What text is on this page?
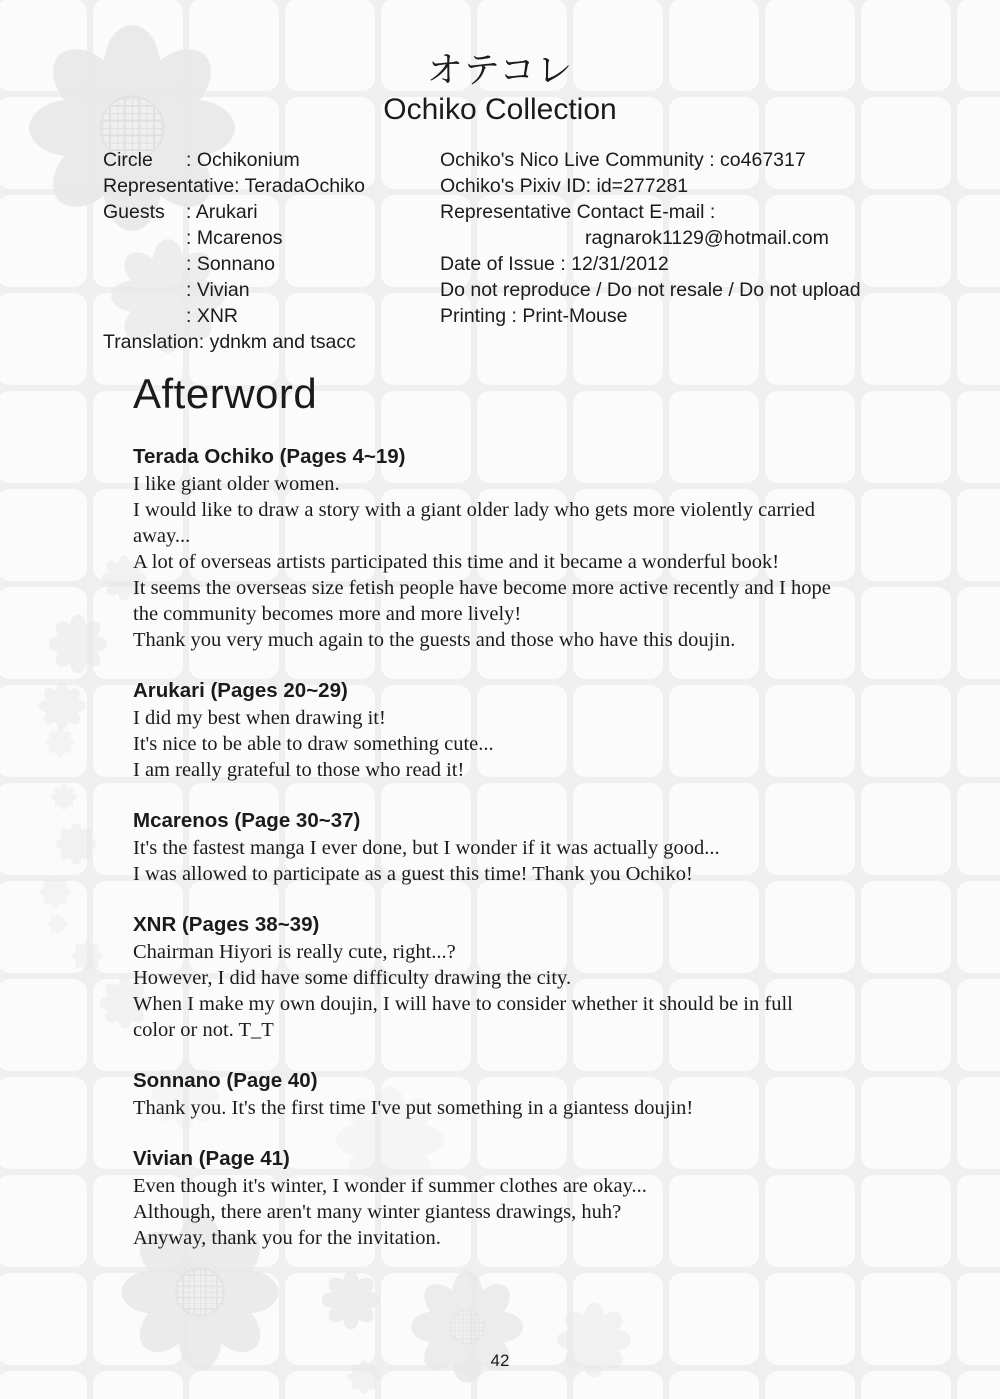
オテコレ
Ochiko Collection
Circle : Ochikonium
Representative: TeradaOchiko
Guests : Arukari
: Mcarenos
: Sonnano
: Vivian
: XNR
Translation: ydnkm and tsacc
Ochiko's Nico Live Community : co467317
Ochiko's Pixiv ID: id=277281
Representative Contact E-mail :
ragnarok1129@hotmail.com
Date of Issue : 12/31/2012
Do not reproduce / Do not resale / Do not upload
Printing : Print-Mouse
Afterword
Terada Ochiko (Pages 4~19)
I like giant older women.
I would like to draw a story with a giant older lady who gets more violently carried
away...
A lot of overseas artists participated this time and it became a wonderful book!
It seems the overseas size fetish people have become more active recently and I hope
the community becomes more and more lively!
Thank you very much again to the guests and those who have this doujin.
Arukari (Pages 20~29)
I did my best when drawing it!
It's nice to be able to draw something cute...
I am really grateful to those who read it!
Mcarenos (Page 30~37)
It's the fastest manga I ever done, but I wonder if it was actually good...
I was allowed to participate as a guest this time! Thank you Ochiko!
XNR (Pages 38~39)
Chairman Hiyori is really cute, right...?
However, I did have some difficulty drawing the city.
When I make my own doujin, I will have to consider whether it should be in full
color or not. T_T
Sonnano (Page 40)
Thank you. It's the first time I've put something in a giantess doujin!
Vivian (Page 41)
Even though it's winter, I wonder if summer clothes are okay...
Although, there aren't many winter giantess drawings, huh?
Anyway, thank you for the invitation.
42
